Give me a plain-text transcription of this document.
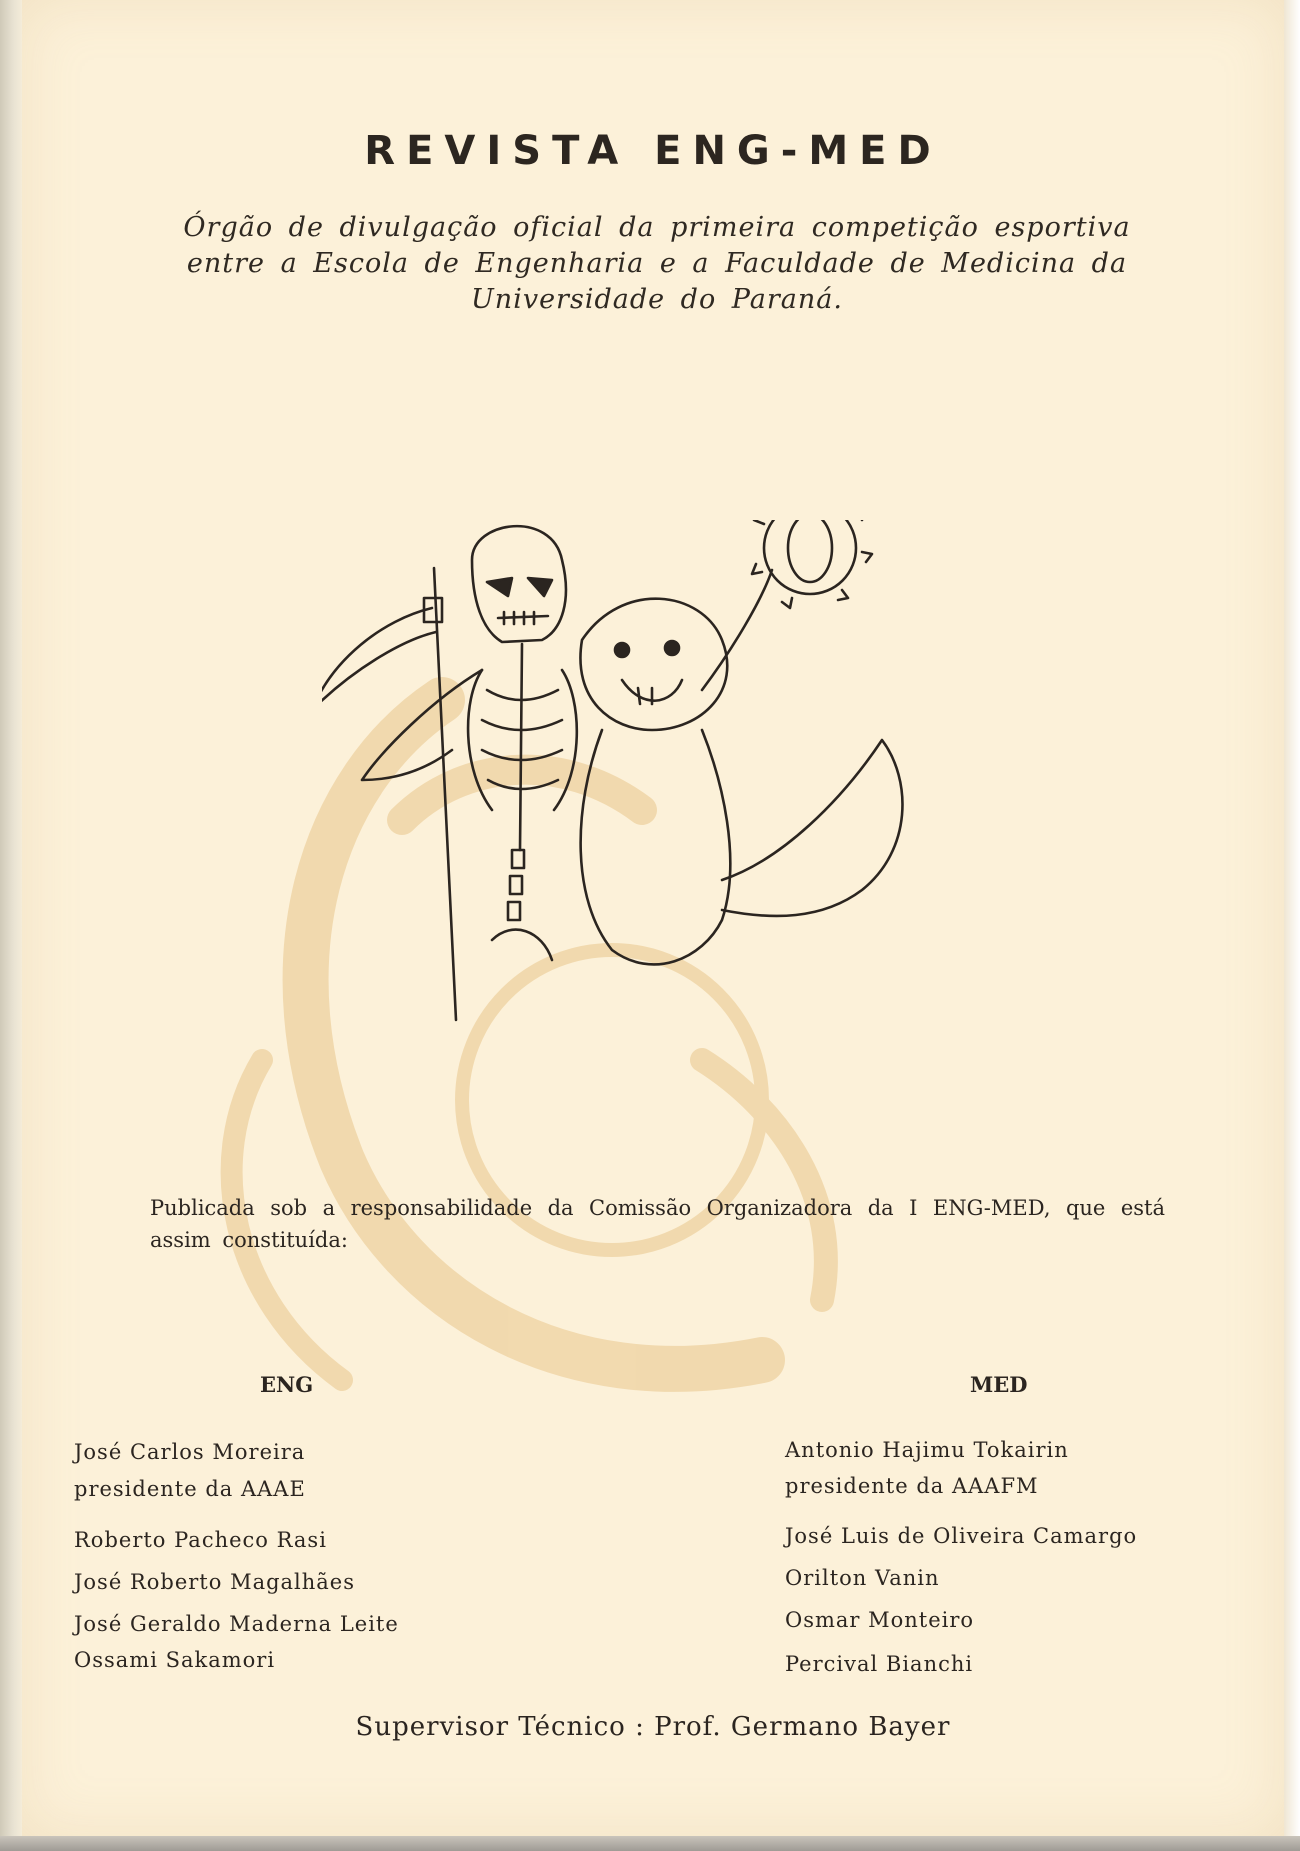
REVISTA ENG-MED

Órgão de divulgação oficial da primeira competição esportiva entre a Escola de Engenharia e a Faculdade de Medicina da Universidade do Paraná.

Publicada sob a responsabilidade da Comissão Organizadora da I ENG-MED, que está assim constituída:

ENG	MED

José Carlos Moreira

presidente da AAAE

Roberto Pacheco Rasi

José Roberto Magalhães

José Geraldo Maderna Leite

Ossami Sakamori

Antonio Hajimu Tokairin

presidente da AAAFM

José Luis de Oliveira Camargo

Orilton Vanin

Osmar Monteiro

Percival Bianchi

Supervisor Técnico : Prof. Germano Bayer
